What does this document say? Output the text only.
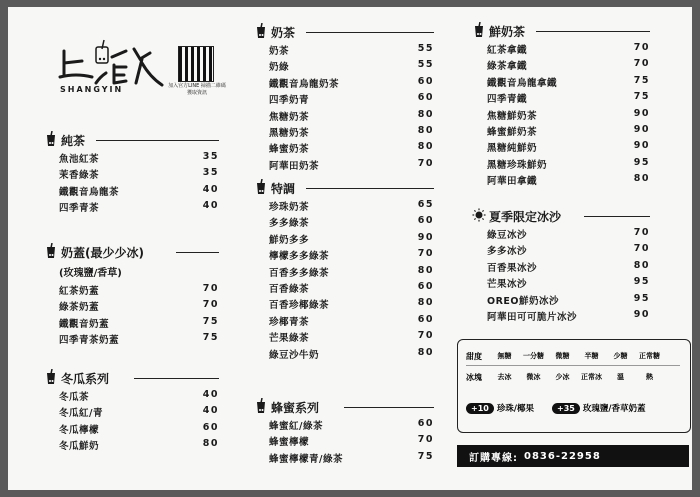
SHANGYIN	加入官方LINE 掃描二維碼獲取資訊
純茶
魚池紅茶	35
茉香綠茶	35
鐵觀音烏龍茶	40
四季青茶	40
奶蓋(最少少冰)
(玫瑰鹽/香草)
紅茶奶蓋	70
綠茶奶蓋	70
鐵觀音奶蓋	75
四季青茶奶蓋	75
冬瓜系列
冬瓜茶	40
冬瓜紅/青	40
冬瓜檸檬	60
冬瓜鮮奶	80
奶茶
奶茶	55
奶綠	55
鐵觀音烏龍奶茶	60
四季奶青	60
焦糖奶茶	80
黑糖奶茶	80
蜂蜜奶茶	80
阿華田奶茶	70
特調
珍珠奶茶	65
多多綠茶	60
鮮奶多多	90
檸檬多多綠茶	70
百香多多綠茶	80
百香綠茶	60
百香珍椰綠茶	80
珍椰青茶	60
芒果綠茶	70
綠豆沙牛奶	80
蜂蜜系列
蜂蜜紅/綠茶	60
蜂蜜檸檬	70
蜂蜜檸檬青/綠茶	75
鮮奶茶
紅茶拿鐵	70
綠茶拿鐵	70
鐵觀音烏龍拿鐵	75
四季青鐵	75
焦糖鮮奶茶	90
蜂蜜鮮奶茶	90
黑糖純鮮奶	90
黑糖珍珠鮮奶	95
阿華田拿鐵	80
夏季限定冰沙
綠豆冰沙	70
多多冰沙	70
百香果冰沙	80
芒果冰沙	95
OREO鮮奶冰沙	95
阿華田可可脆片冰沙	90
甜度	無糖	一分糖	微糖	半糖	少糖	正常糖
冰塊	去冰	微冰	少冰	正常冰	溫	熱
+10 珍珠/椰果	+35 玫瑰鹽/香草奶蓋
訂購專線: 0836-22958
